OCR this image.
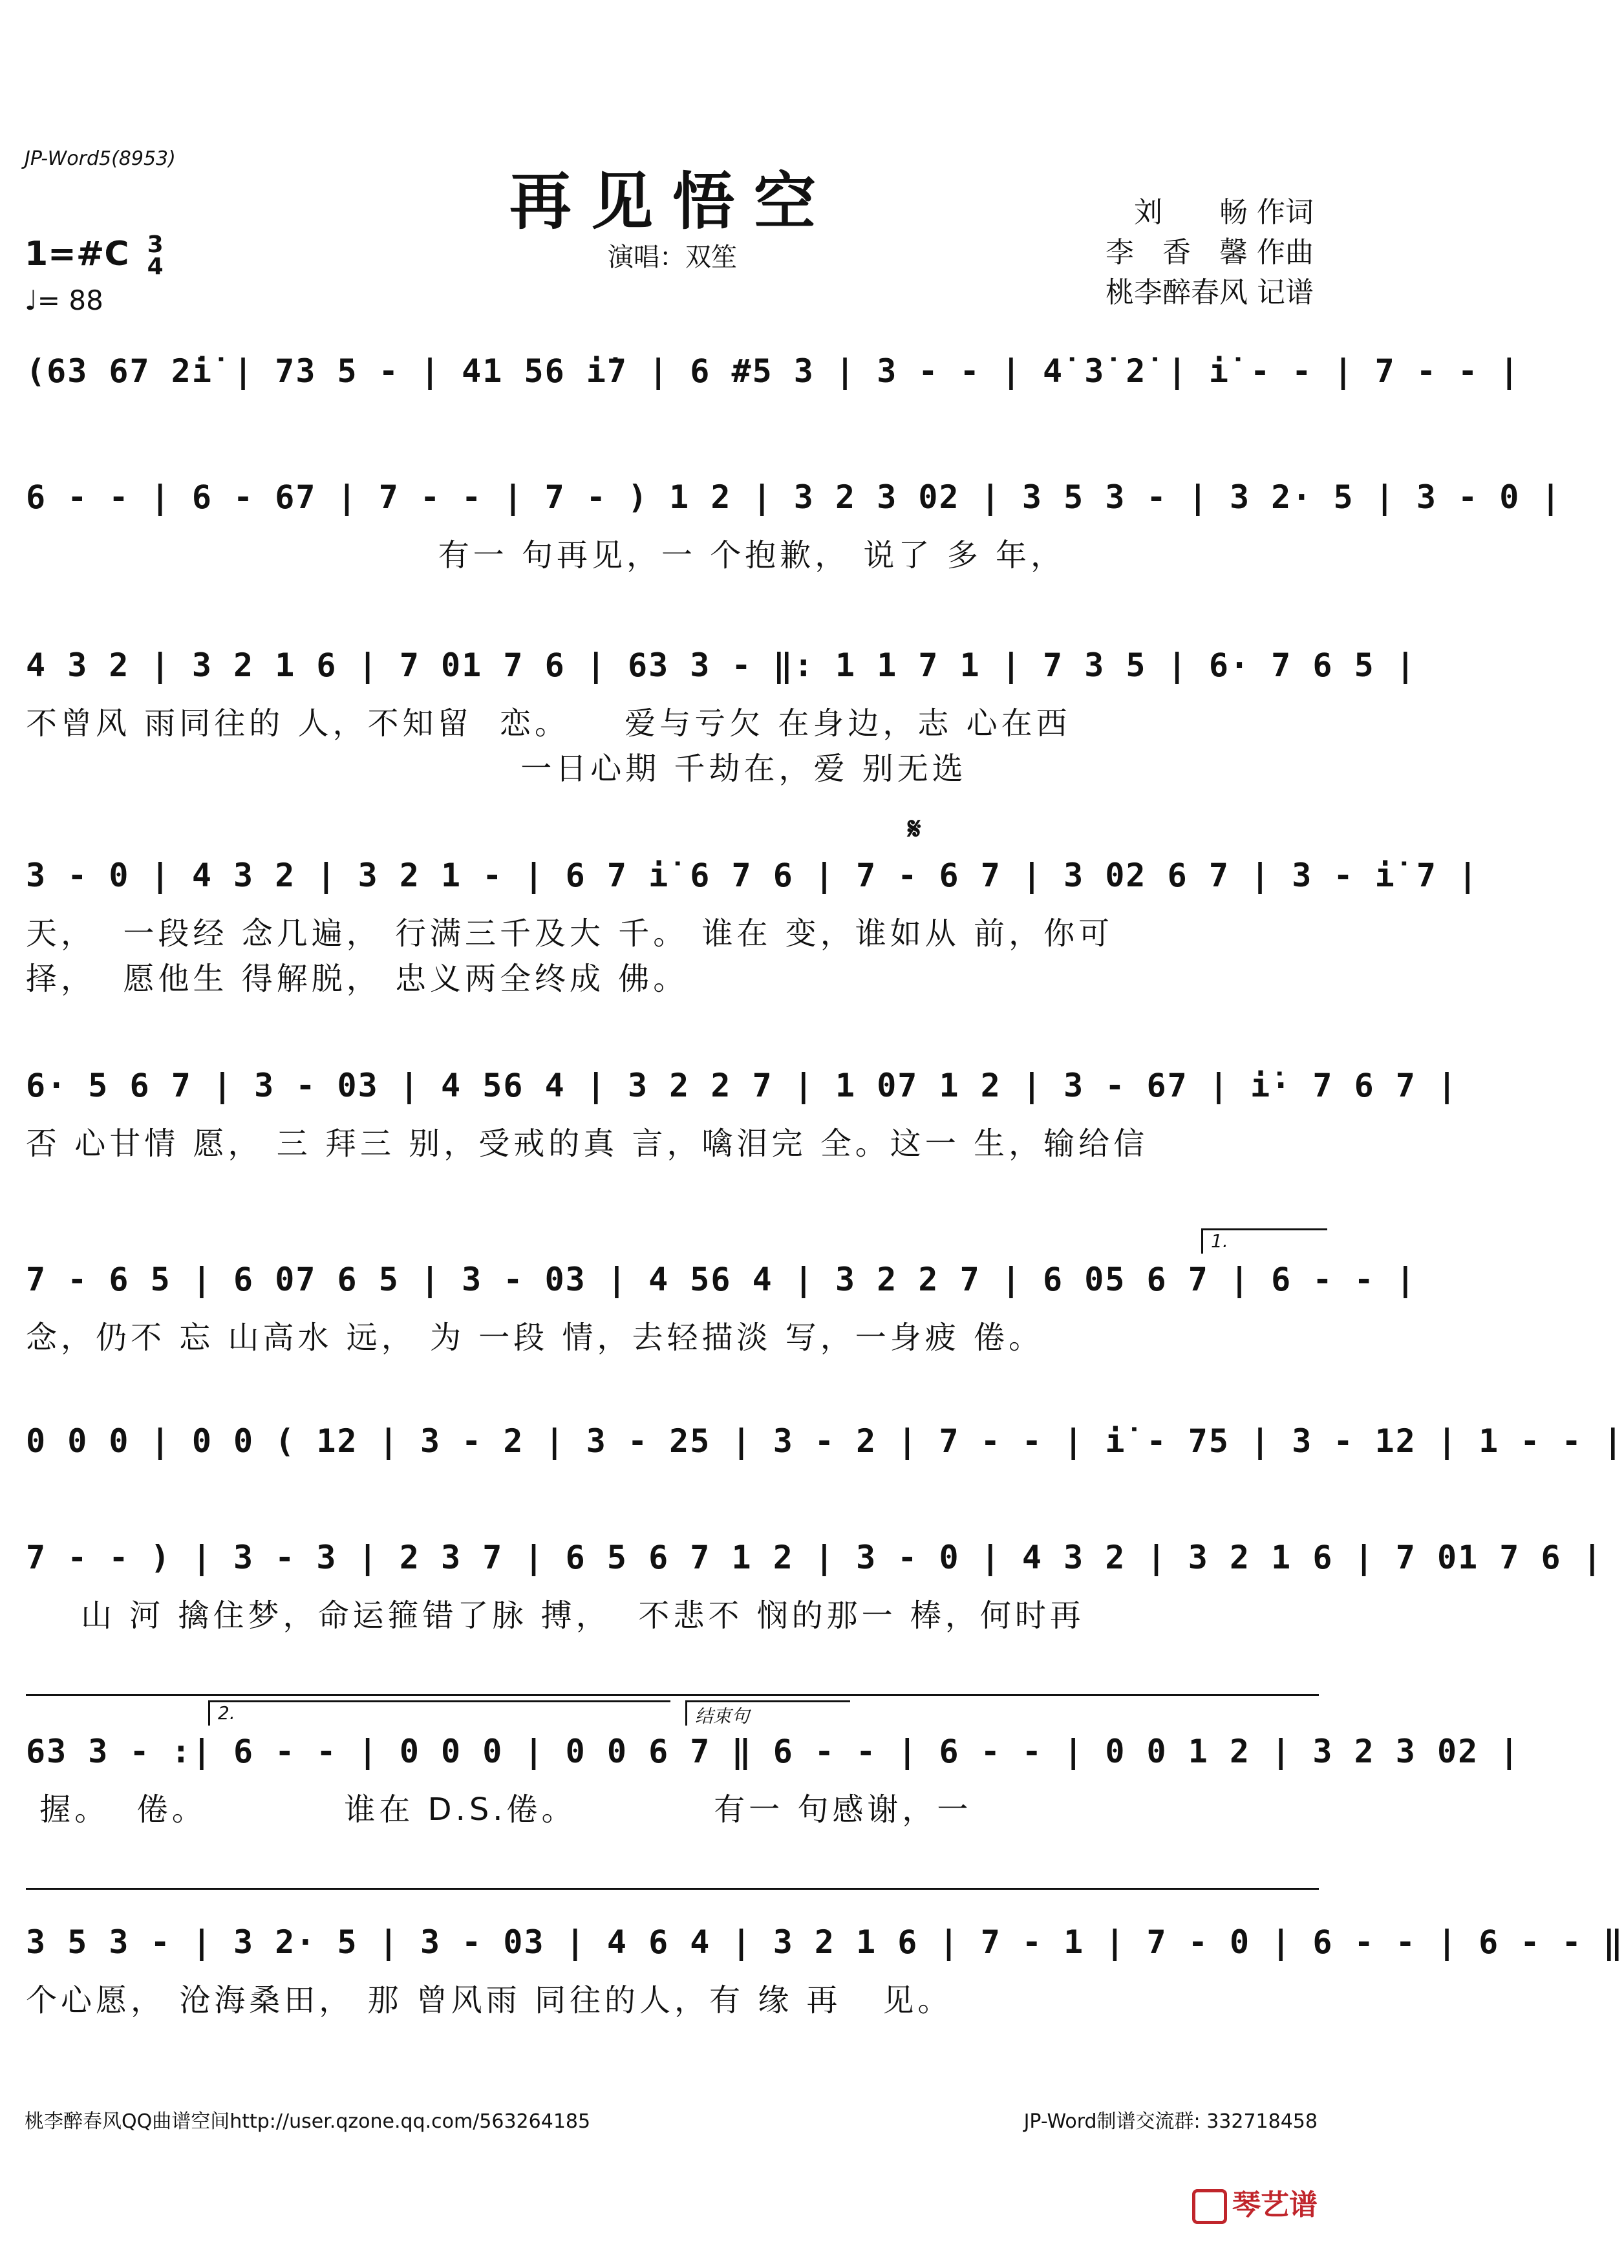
JP-Word5(8953)
再见悟空
演唱：双笙
刘　　畅 作词
李　香　馨 作曲
桃李醉春风 记谱
1=#C 3
4
♩= 88
𝄋
(63 67 2̇i̇ | 73 5 - | 41 56 i̇7 | 6 #5 3 | 3 - - | 4̇ 3̇ 2̇ | i̇ - - | 7 - - |
6 - - | 6 - 67 | 7 - - | 7 - ) 1 2 | 3 2 3 02 | 3 5 3 - | 3 2· 5 | 3 - 0 |
有一 句再见，一 个抱歉， 说了 多 年，
4 3 2 | 3 2 1 6 | 7 01 7 6 | 63 3 - ‖: 1 1 7 1 | 7 3 5 | 6· 7 6 5 |
不曾风 雨同往的 人，不知留  恋。    爱与亏欠 在身边，志 心在西
一日心期 千劫在，爱 别无选
3 - 0 | 4 3 2 | 3 2 1 - | 6 7 i̇ 6 7 6 | 7 - 6 7 | 3 02 6 7 | 3 - i̇ 7 |
天，  一段经 念几遍， 行满三千及大 千。 谁在 变，谁如从 前，你可
择，  愿他生 得解脱， 忠义两全终成 佛。
6· 5 6 7 | 3 - 03 | 4 56 4 | 3 2 2 7 | 1 07 1 2 | 3 - 67 | i̇· 7 6 7 |
否 心甘情 愿， 三 拜三 别，受戒的真 言，噙泪完 全。这一 生，输给信
1.
7 - 6 5 | 6 07 6 5 | 3 - 03 | 4 56 4 | 3 2 2 7 | 6 05 6 7 | 6 - - |
念，仍不 忘 山高水 远， 为 一段 情，去轻描淡 写，一身疲 倦。
0 0 0 | 0 0 ( 12 | 3 - 2 | 3 - 25 | 3 - 2 | 7 - - | i̇ - 75 | 3 - 12 | 1 - - |
7 - - ) | 3 - 3 | 2 3 7 | 6 5 6 7 1 2 | 3 - 0 | 4 3 2 | 3 2 1 6 | 7 01 7 6 |
山 河 擒住梦，命运箍错了脉 搏，  不悲不 悯的那一 棒，何时再
2.	结束句
63 3 - :| 6 - - | 0 0 0 | 0 0 6 7 ‖ 6 - - | 6 - - | 0 0 1 2 | 3 2 3 02 |
握。  倦。          谁在 D.S.倦。          有一 句感谢，一
3 5 3 - | 3 2· 5 | 3 - 03 | 4 6 4 | 3 2 1 6 | 7 - 1 | 7 - 0 | 6 - - | 6 - - ‖
个心愿， 沧海桑田， 那 曾风雨 同往的人，有 缘 再   见。
桃李醉春风QQ曲谱空间http://user.qzone.qq.com/563264185	JP-Word制谱交流群: 332718458
琴艺谱
